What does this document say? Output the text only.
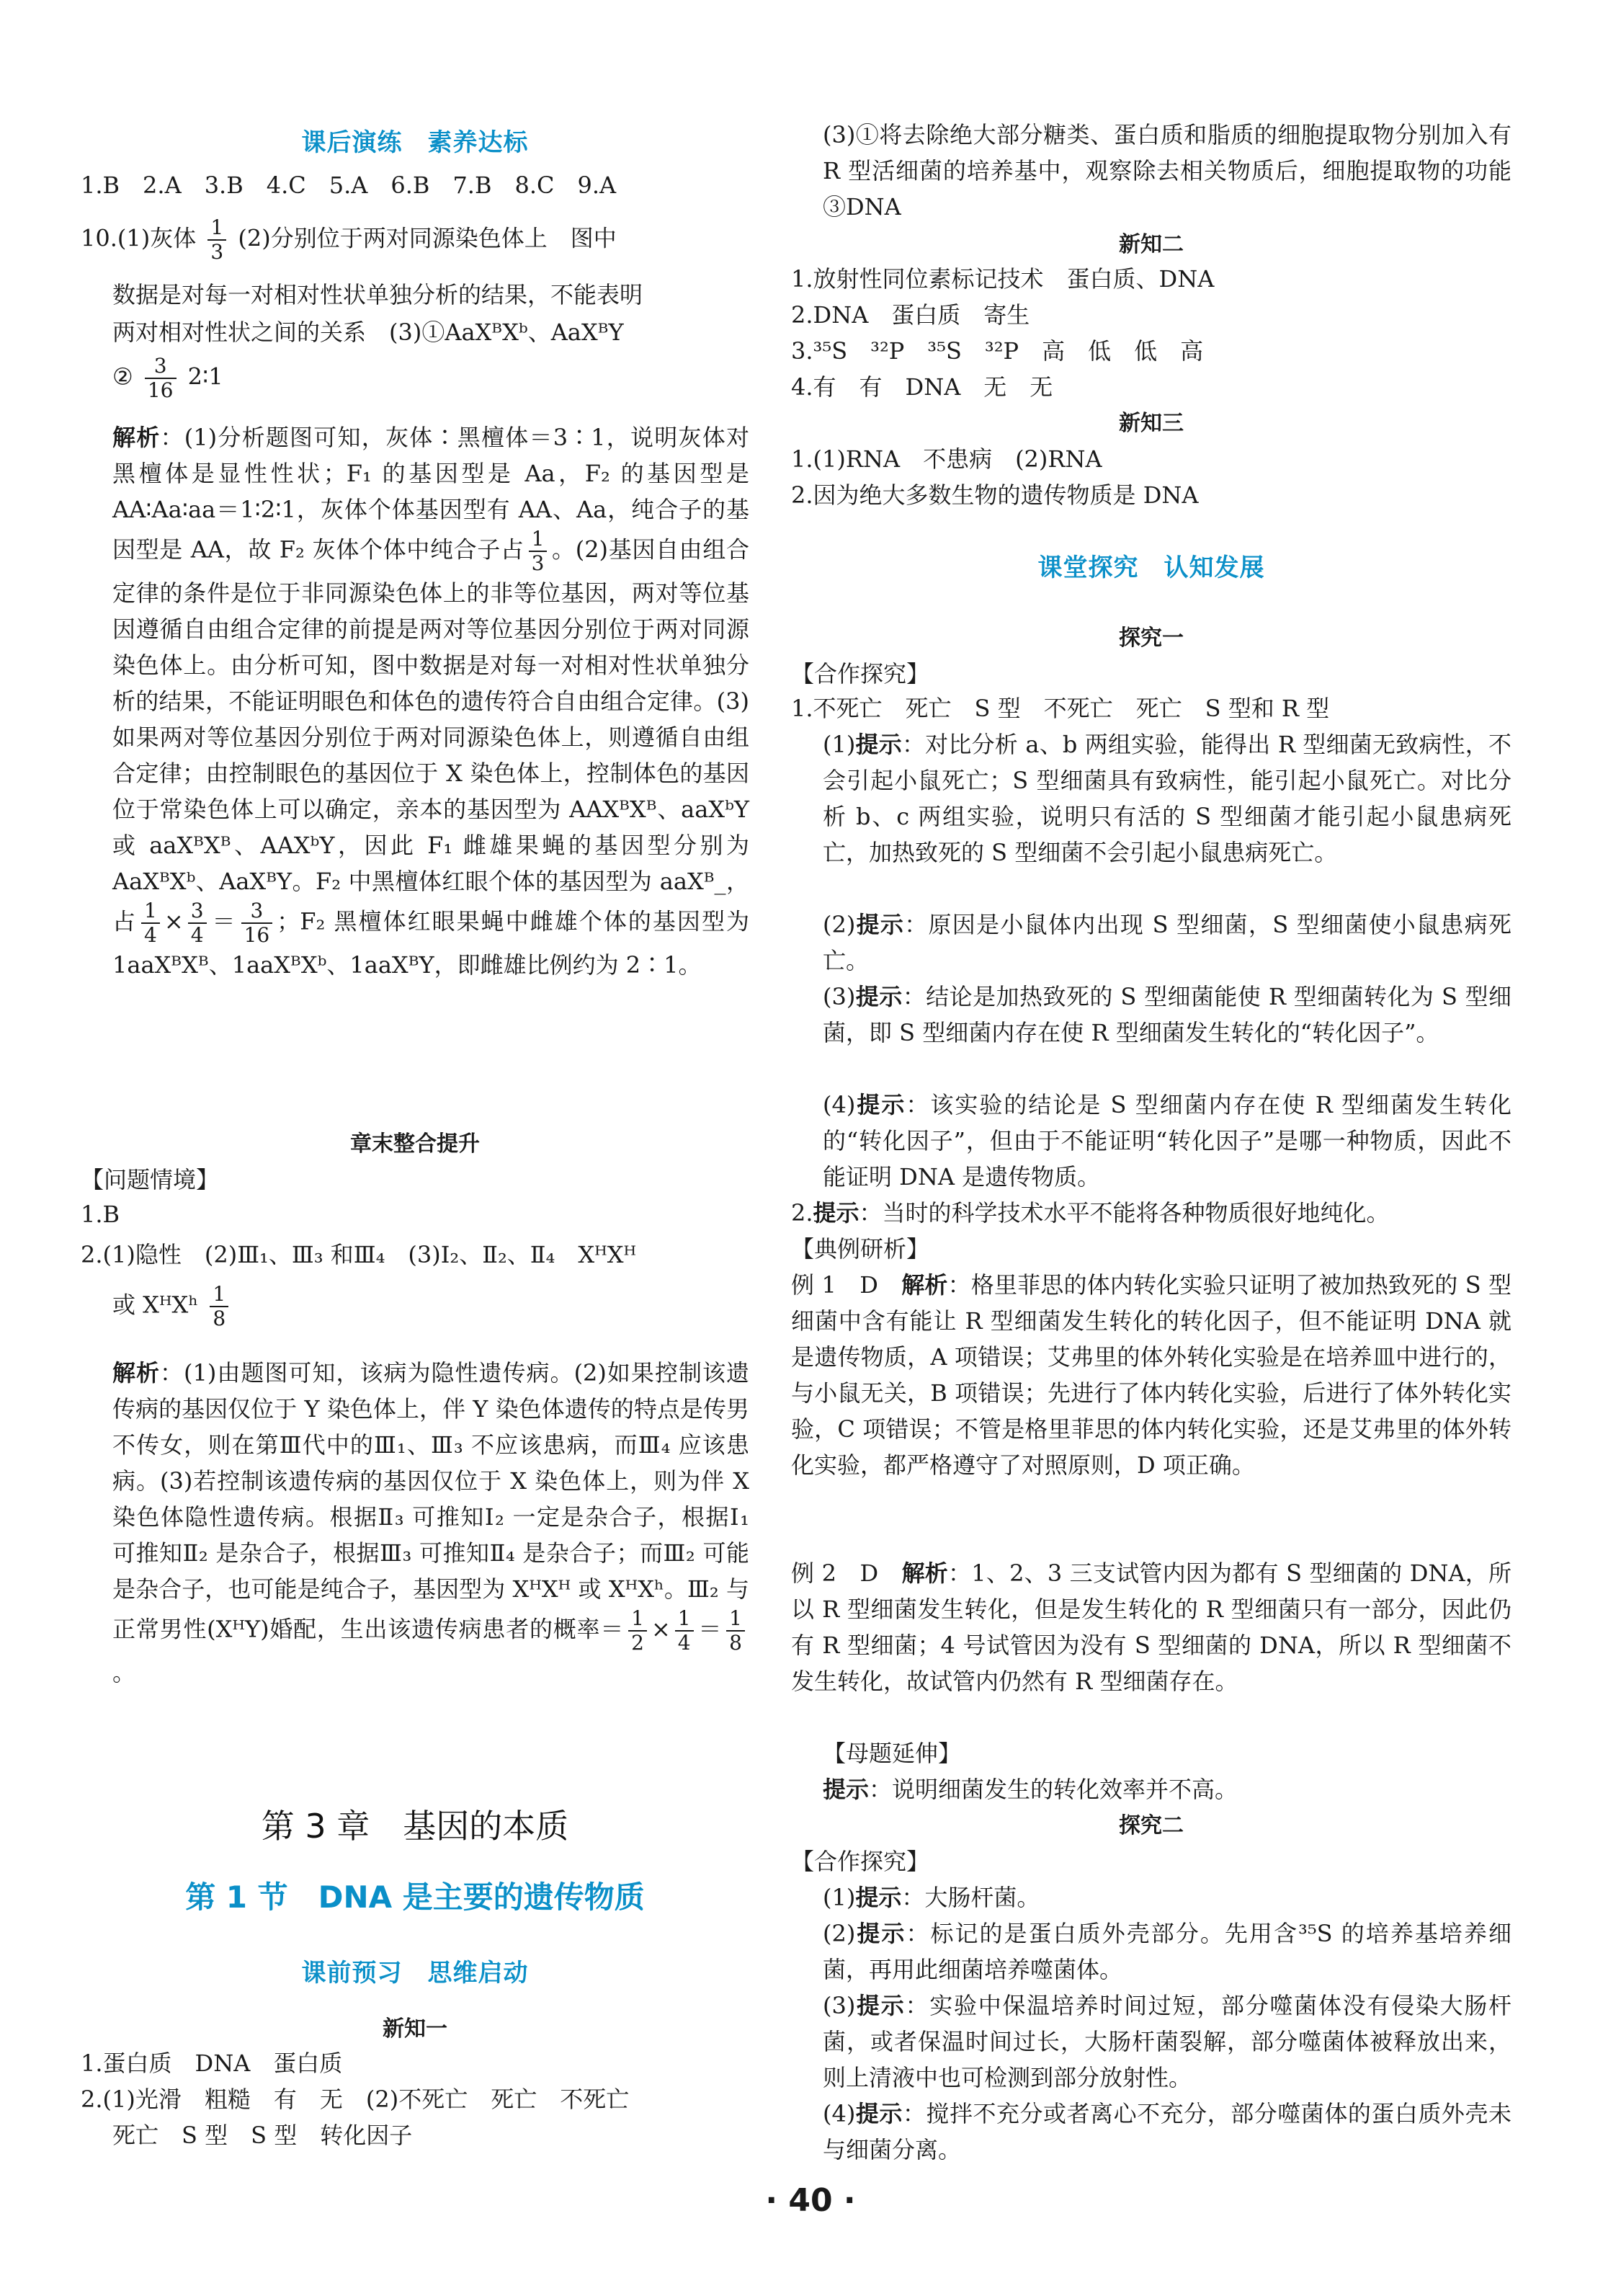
课后演练　素养达标
1.B　2.A　3.B　4.C　5.A　6.B　7.B　8.C　9.A
10.(1)灰体 $\frac{1}{3} (2)$分别位于两对同源染色体上　图中
数据是对每一对相对性状单独分析的结果，不能表明
两对相对性状之间的关系　(3)①AaXᴮXᵇ、AaXᴮY
② $\frac{3}{16}$ 2∶1
解析：(1)分析题图可知，灰体∶黑檀体＝3∶1，说明灰体对黑檀体是显性性状；F₁ 的基因型是 Aa，F₂ 的基因型是 AA∶Aa∶aa＝1∶2∶1，灰体个体基因型有 AA、Aa，纯合子的基因型是 AA，故 F₂ 灰体个体中纯合子占 $\frac{1}{3}$ 。(2)基因自由组合定律的条件是位于非同源染色体上的非等位基因，两对等位基因遵循自由组合定律的前提是两对等位基因分别位于两对同源染色体上。由分析可知，图中数据是对每一对相对性状单独分析的结果，不能证明眼色和体色的遗传符合自由组合定律。(3)如果两对等位基因分别位于两对同源染色体上，则遵循自由组合定律；由控制眼色的基因位于 X 染色体上，控制体色的基因位于常染色体上可以确定，亲本的基因型为 AAXᴮXᴮ、aaXᵇY 或 aaXᴮXᴮ、AAXᵇY，因此 F₁ 雌雄果蝇的基因型分别为 AaXᴮXᵇ、AaXᴮY。F₂ 中黑檀体红眼个体的基因型为 aaXᴮ_，占 $\frac{1}{4} \times \frac{3}{4} = \frac{3}{16}$ ；F₂ 黑檀体红眼果蝇中雌雄个体的基因型为 1aaXᴮXᴮ、1aaXᴮXᵇ、1aaXᴮY，即雌雄比例约为 2∶1。
章末整合提升
【问题情境】
1.B
2.(1)隐性　(2)Ⅲ₁、Ⅲ₃ 和Ⅲ₄　(3)Ⅰ₂、Ⅱ₂、Ⅱ₄　XᴴXᴴ
或 XᴴXʰ $\frac{1}{8}$
解析：(1)由题图可知，该病为隐性遗传病。(2)如果控制该遗传病的基因仅位于 Y 染色体上，伴 Y 染色体遗传的特点是传男不传女，则在第Ⅲ代中的Ⅲ₁、Ⅲ₃ 不应该患病，而Ⅲ₄ 应该患病。(3)若控制该遗传病的基因仅位于 X 染色体上，则为伴 X 染色体隐性遗传病。根据Ⅱ₃ 可推知Ⅰ₂ 一定是杂合子，根据Ⅰ₁ 可推知Ⅱ₂ 是杂合子，根据Ⅲ₃ 可推知Ⅱ₄ 是杂合子；而Ⅲ₂ 可能是杂合子，也可能是纯合子，基因型为 XᴴXᴴ 或 XᴴXʰ。Ⅲ₂ 与正常男性(XᴴY)婚配，生出该遗传病患者的概率＝ $\frac{1}{2} \times \frac{1}{4} = \frac{1}{8}$
。
第 3 章　基因的本质
第 1 节　DNA 是主要的遗传物质
课前预习　思维启动
新知一
1.蛋白质　DNA　蛋白质
2.(1)光滑　粗糙　有　无　(2)不死亡　死亡　不死亡
死亡　S 型　S 型　转化因子
(3)①将去除绝大部分糖类、蛋白质和脂质的细胞提取物分别加入有 R 型活细菌的培养基中，观察除去相关物质后，细胞提取物的功能　③DNA
新知二
1.放射性同位素标记技术　蛋白质、DNA
2.DNA　蛋白质　寄生
3.³⁵S　³²P　³⁵S　³²P　高　低　低　高
4.有　有　DNA　无　无
新知三
1.(1)RNA　不患病　(2)RNA
2.因为绝大多数生物的遗传物质是 DNA
课堂探究　认知发展
探究一
【合作探究】
1.不死亡　死亡　S 型　不死亡　死亡　S 型和 R 型
(1)提示：对比分析 a、b 两组实验，能得出 R 型细菌无致病性，不会引起小鼠死亡；S 型细菌具有致病性，能引起小鼠死亡。对比分析 b、c 两组实验，说明只有活的 S 型细菌才能引起小鼠患病死亡，加热致死的 S 型细菌不会引起小鼠患病死亡。
(2)提示：原因是小鼠体内出现 S 型细菌，S 型细菌使小鼠患病死亡。
(3)提示：结论是加热致死的 S 型细菌能使 R 型细菌转化为 S 型细菌，即 S 型细菌内存在使 R 型细菌发生转化的“转化因子”。
(4)提示：该实验的结论是 S 型细菌内存在使 R 型细菌发生转化的“转化因子”，但由于不能证明“转化因子”是哪一种物质，因此不能证明 DNA 是遗传物质。
2.提示：当时的科学技术水平不能将各种物质很好地纯化。
【典例研析】
例 1　D　解析：格里菲思的体内转化实验只证明了被加热致死的 S 型细菌中含有能让 R 型细菌发生转化的转化因子，但不能证明 DNA 就是遗传物质，A 项错误；艾弗里的体外转化实验是在培养皿中进行的，与小鼠无关，B 项错误；先进行了体内转化实验，后进行了体外转化实验，C 项错误；不管是格里菲思的体内转化实验，还是艾弗里的体外转化实验，都严格遵守了对照原则，D 项正确。
例 2　D　解析：1、2、3 三支试管内因为都有 S 型细菌的 DNA，所以 R 型细菌发生转化，但是发生转化的 R 型细菌只有一部分，因此仍有 R 型细菌；4 号试管因为没有 S 型细菌的 DNA，所以 R 型细菌不发生转化，故试管内仍然有 R 型细菌存在。
【母题延伸】
提示：说明细菌发生的转化效率并不高。
探究二
【合作探究】
(1)提示：大肠杆菌。
(2)提示：标记的是蛋白质外壳部分。先用含³⁵S 的培养基培养细菌，再用此细菌培养噬菌体。
(3)提示：实验中保温培养时间过短，部分噬菌体没有侵染大肠杆菌，或者保温时间过长，大肠杆菌裂解，部分噬菌体被释放出来，则上清液中也可检测到部分放射性。
(4)提示：搅拌不充分或者离心不充分，部分噬菌体的蛋白质外壳未与细菌分离。
· 40 ·
